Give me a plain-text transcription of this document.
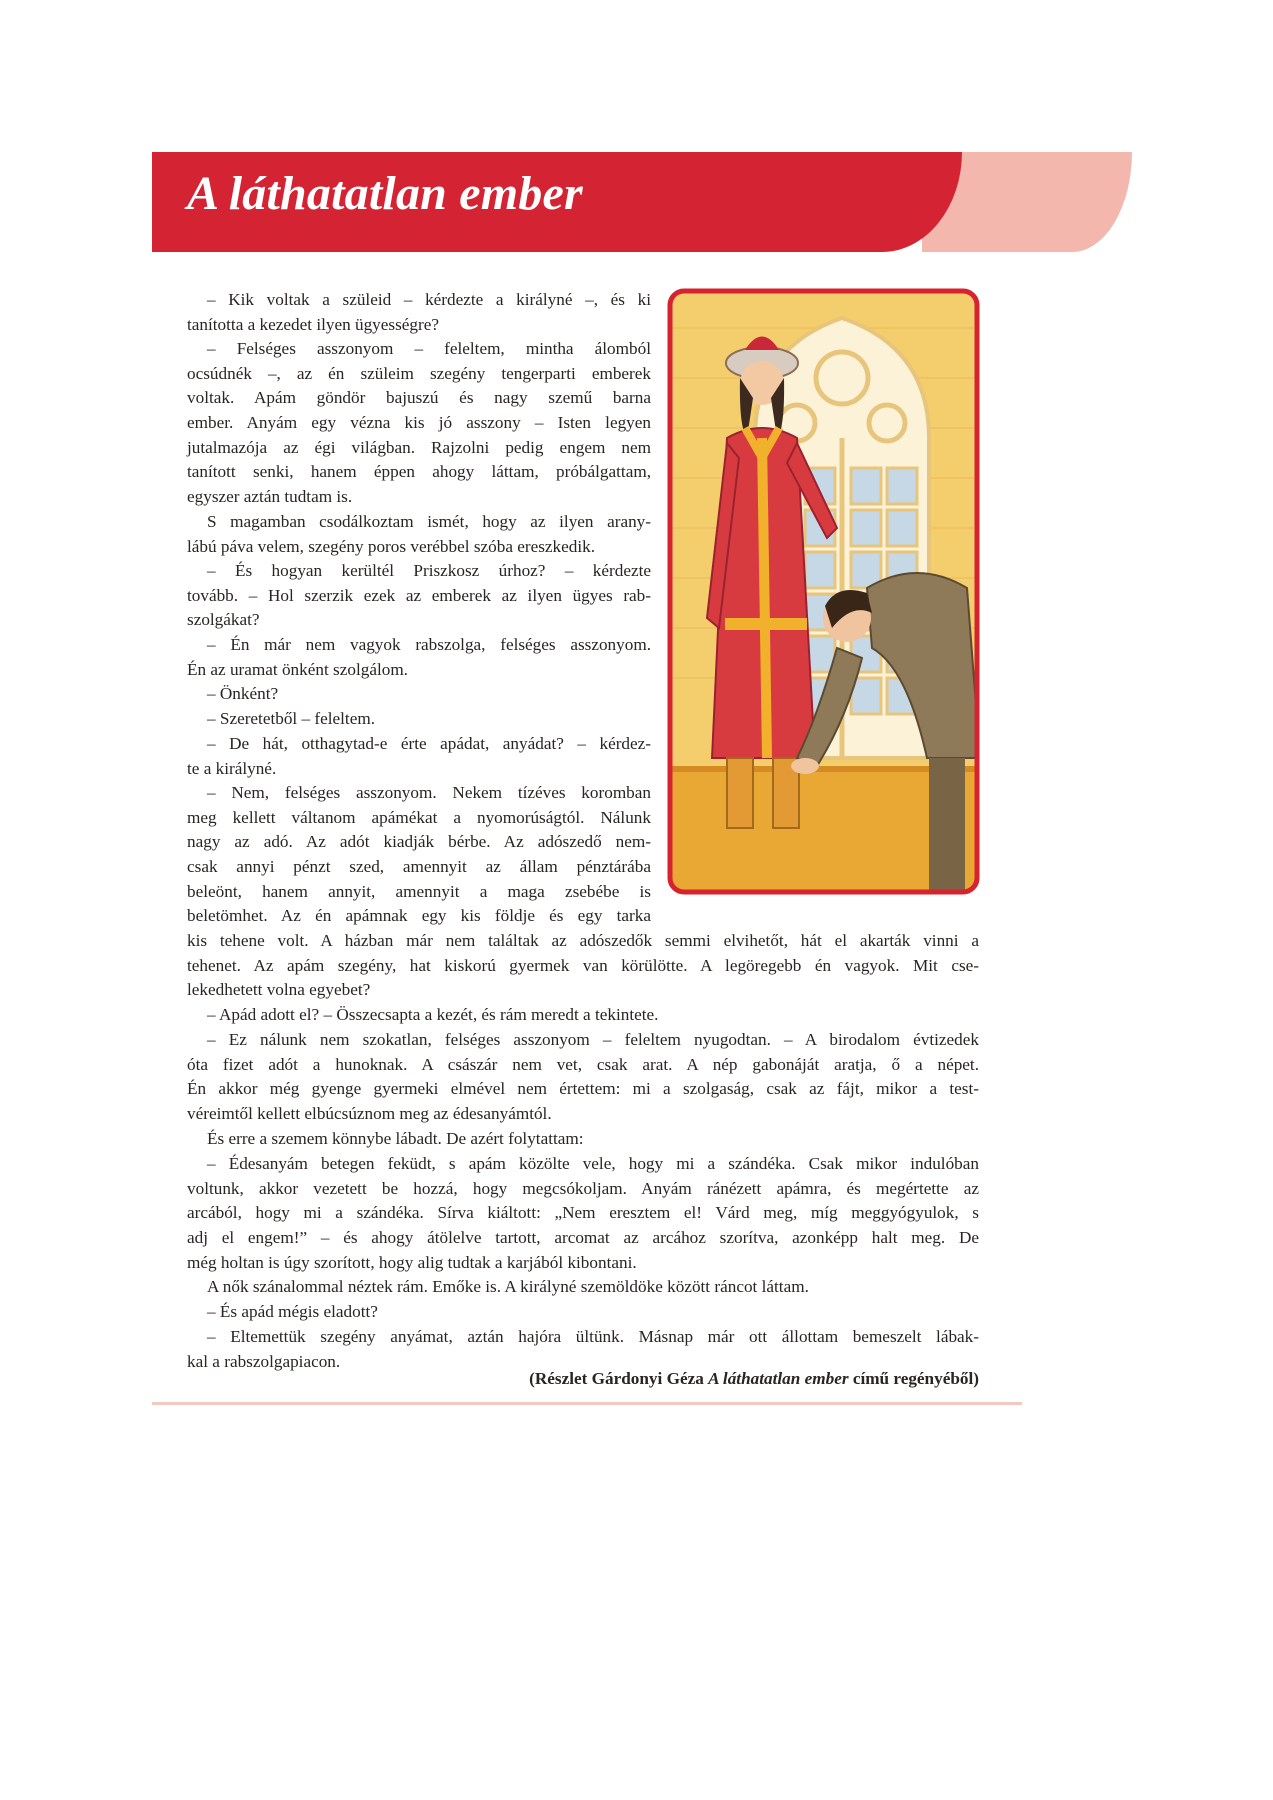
A láthatatlan ember
– Kik voltak a szüleid – kérdezte a királyné –, és ki
tanította a kezedet ilyen ügyességre?
– Felséges asszonyom – feleltem, mintha álomból
ocsúdnék –, az én szüleim szegény tengerparti emberek
voltak. Apám göndör bajuszú és nagy szemű barna
ember. Anyám egy vézna kis jó asszony – Isten legyen
jutalmazója az égi világban. Rajzolni pedig engem nem
tanított senki, hanem éppen ahogy láttam, próbálgattam,
egyszer aztán tudtam is.
S magamban csodálkoztam ismét, hogy az ilyen arany-
lábú páva velem, szegény poros verébbel szóba ereszkedik.
– És hogyan kerültél Priszkosz úrhoz? – kérdezte
tovább. – Hol szerzik ezek az emberek az ilyen ügyes rab-
szolgákat?
– Én már nem vagyok rabszolga, felséges asszonyom.
Én az uramat önként szolgálom.
– Önként?
– Szeretetből – feleltem.
– De hát, otthagytad-e érte apádat, anyádat? – kérdez-
te a királyné.
– Nem, felséges asszonyom. Nekem tízéves koromban
meg kellett váltanom apámékat a nyomorúságtól. Nálunk
nagy az adó. Az adót kiadják bérbe. Az adószedő nem-
csak annyi pénzt szed, amennyit az állam pénztárába
beleönt, hanem annyit, amennyit a maga zsebébe is
beletömhet. Az én apámnak egy kis földje és egy tarka
kis tehene volt. A házban már nem találtak az adószedők semmi elvihetőt, hát el akarták vinni a
tehenet. Az apám szegény, hat kiskorú gyermek van körülötte. A legöregebb én vagyok. Mit cse-
lekedhetett volna egyebet?
– Apád adott el? – Összecsapta a kezét, és rám meredt a tekintete.
– Ez nálunk nem szokatlan, felséges asszonyom – feleltem nyugodtan. – A birodalom évtizedek
óta fizet adót a hunoknak. A császár nem vet, csak arat. A nép gabonáját aratja, ő a népet.
Én akkor még gyenge gyermeki elmével nem értettem: mi a szolgaság, csak az fájt, mikor a test-
véreimtől kellett elbúcsúznom meg az édesanyámtól.
És erre a szemem könnybe lábadt. De azért folytattam:
– Édesanyám betegen feküdt, s apám közölte vele, hogy mi a szándéka. Csak mikor indulóban
voltunk, akkor vezetett be hozzá, hogy megcsókoljam. Anyám ránézett apámra, és megértette az
arcából, hogy mi a szándéka. Sírva kiáltott: „Nem eresztem el! Várd meg, míg meggyógyulok, s
adj el engem!” – és ahogy átölelve tartott, arcomat az arcához szorítva, azonképp halt meg. De
még holtan is úgy szorított, hogy alig tudtak a karjából kibontani.
A nők szánalommal néztek rám. Emőke is. A királyné szemöldöke között ráncot láttam.
– És apád mégis eladott?
– Eltemettük szegény anyámat, aztán hajóra ültünk. Másnap már ott állottam bemeszelt lábak-
kal a rabszolgapiacon.

(Részlet Gárdonyi Géza A láthatatlan ember című regényéből)
